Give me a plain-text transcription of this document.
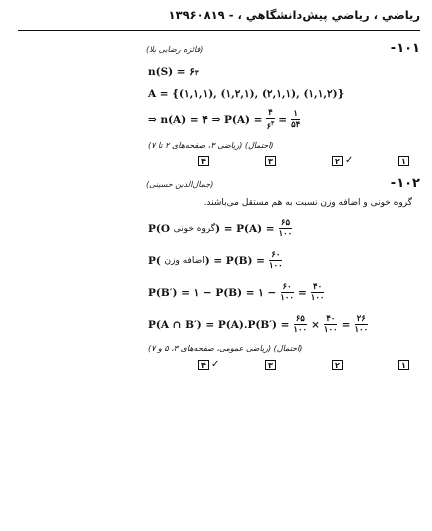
رياضي ، رياضي پيش‌دانشگاهي ، - ۱۳۹۶۰۸۱۹
-۱۰۱
(فائزه رضایی بلا)
n(S) = ۶ ۳
A = {(۱,۱,۱), (۱,۲,۱), (۲,۱,۱), (۱,۱,۲)}
⇒ n(A) = ۴ ⇒ $P(A) = \frac{۴}{۶^۳} = \frac{۱}{۵۴}$
(احتمال) (رياضی ۳، صفحه‌های ۲ تا ۷)
۱
۲ ✓
۳
۴
-۱۰۲
(جمال‌الدین حسینی)
گروه خونی و اضافه وزن نسبت به هم مستقل می‌باشند.
P(O
گروه خونی ) = $P(A) = \frac{۶۵}{۱۰۰}$
P(
اضافه وزن ) = $P(B) = \frac{۶۰}{۱۰۰}$
P(B′) = ۱ − P(B) = ۱ − $\frac{۶۰}{۱۰۰} = \frac{۴۰}{۱۰۰}$
P(A ∩ $B') = P(A).P(B') = \frac{۶۵}{۱۰۰} \times \frac{۴۰}{۱۰۰} = \frac{۲۶}{۱۰۰}$
(احتمال) (رياضی عمومی، صفحه‌های ۳، ۵ و ۷)
۱
۲
۳
۴ ✓
